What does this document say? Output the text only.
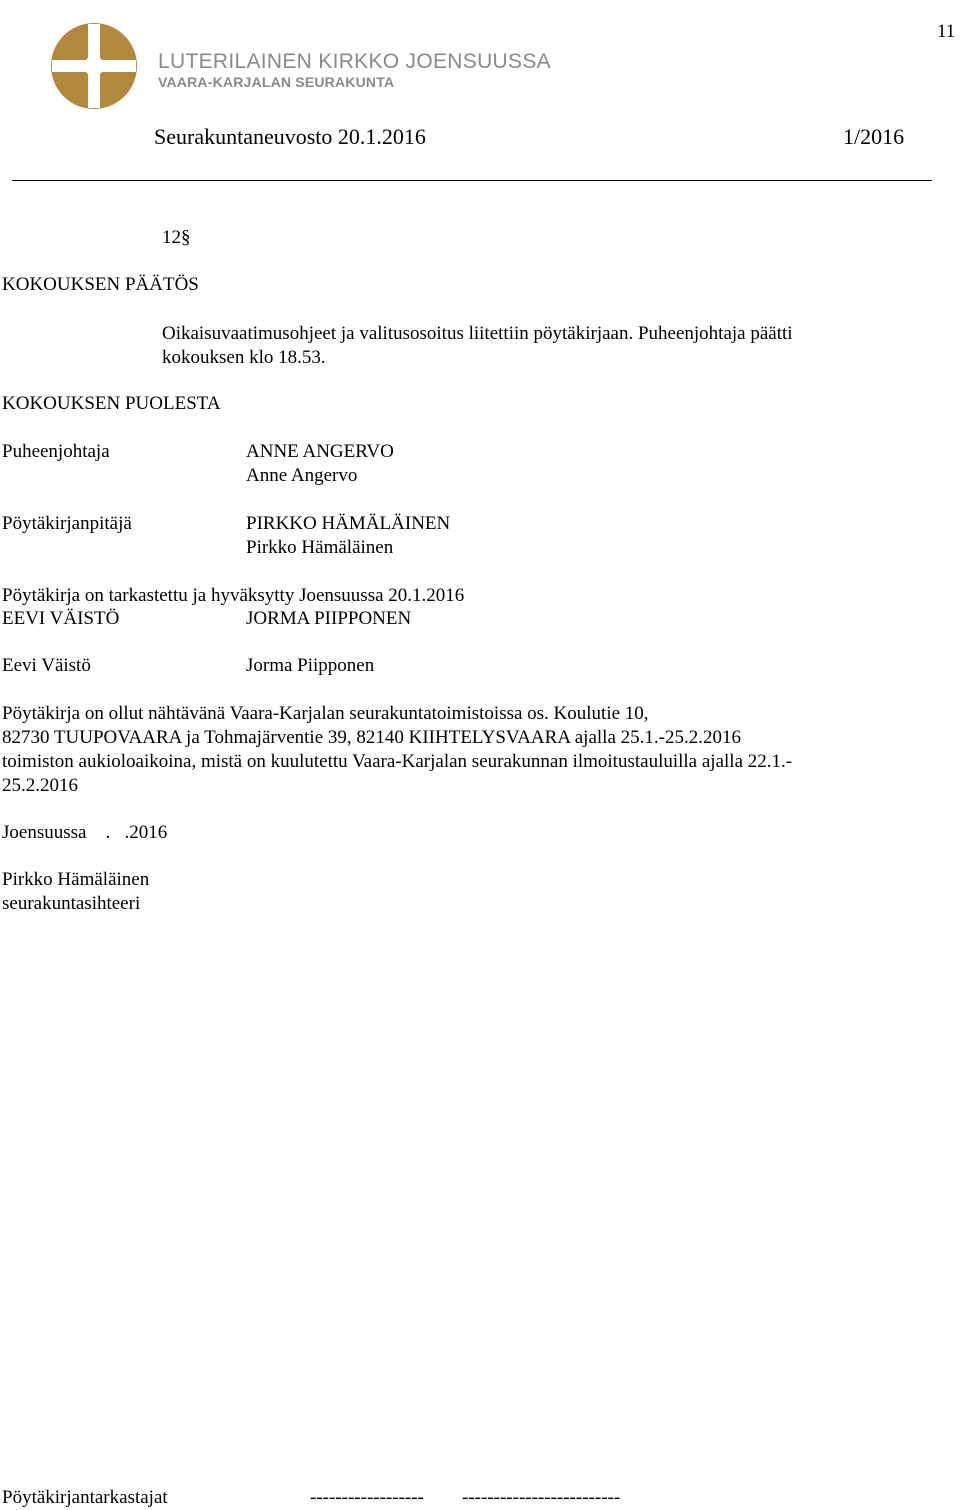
11
LUTERILAINEN KIRKKO JOENSUUSSA
VAARA-KARJALAN SEURAKUNTA
Seurakuntaneuvosto 20.1.2016	1/2016
12§
KOKOUKSEN PÄÄTÖS
Oikaisuvaatimusohjeet ja valitusosoitus liitettiin pöytäkirjaan. Puheenjohtaja päätti
kokouksen klo 18.53.
KOKOUKSEN PUOLESTA
Puheenjohtaja	ANNE ANGERVO
Anne Angervo
Pöytäkirjanpitäjä	PIRKKO HÄMÄLÄINEN
Pirkko Hämäläinen
Pöytäkirja on tarkastettu ja hyväksytty Joensuussa 20.1.2016
EEVI VÄISTÖ	JORMA PIIPPONEN
Eevi Väistö	Jorma Piipponen
Pöytäkirja on ollut nähtävänä Vaara-Karjalan seurakuntatoimistoissa os. Koulutie 10,
82730 TUUPOVAARA ja Tohmajärventie 39, 82140 KIIHTELYSVAARA ajalla 25.1.-25.2.2016
toimiston aukioloaikoina, mistä on kuulutettu Vaara-Karjalan seurakunnan ilmoitustauluilla ajalla 22.1.-
25.2.2016
Joensuussa    .   .2016
Pirkko Hämäläinen
seurakuntasihteeri
Pöytäkirjantarkastajat	------------------ -------------------------
